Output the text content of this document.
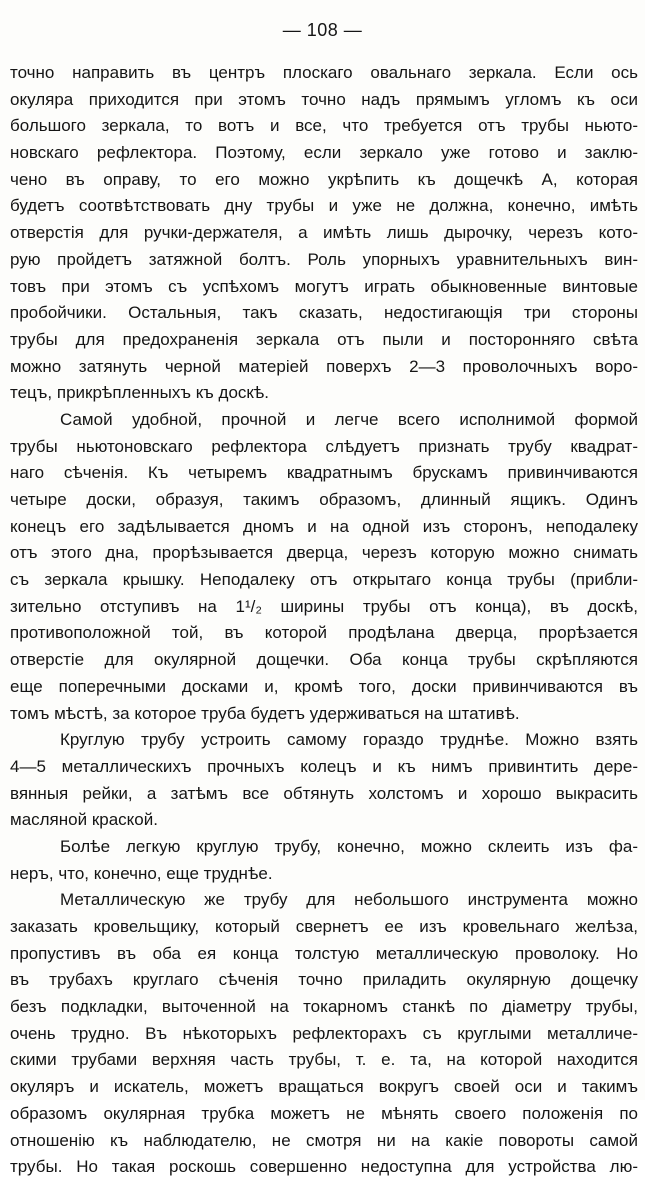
— 108 —
точно направить въ центръ плоскаго овальнаго зеркала. Если ось
окуляра приходится при этомъ точно надъ прямымъ угломъ къ оси
большого зеркала, то вотъ и все, что требуется отъ трубы ньюто-
новскаго рефлектора. Поэтому, если зеркало уже готово и заклю-
чено въ оправу, то его можно укрѣпить къ дощечкѣ A, которая
будетъ соотвѣтствовать дну трубы и уже не должна, конечно, имѣть
отверстія для ручки-держателя, а имѣть лишь дырочку, черезъ кото-
рую пройдетъ затяжной болтъ. Роль упорныхъ уравнительныхъ вин-
товъ при этомъ съ успѣхомъ могутъ играть обыкновенные винтовые
пробойчики. Остальныя, такъ сказать, недостигающія три стороны
трубы для предохраненія зеркала отъ пыли и посторонняго свѣта
можно затянуть черной матеріей поверхъ 2—3 проволочныхъ воро-
тецъ, прикрѣпленныхъ къ доскѣ.
Самой удобной, прочной и легче всего исполнимой формой
трубы ньютоновскаго рефлектора слѣдуетъ признать трубу квадрат-
наго сѣченія. Къ четыремъ квадратнымъ брускамъ привинчиваются
четыре доски, образуя, такимъ образомъ, длинный ящикъ. Одинъ
конецъ его задѣлывается дномъ и на одной изъ сторонъ, неподалеку
отъ этого дна, прорѣзывается дверца, черезъ которую можно снимать
съ зеркала крышку. Неподалеку отъ открытаго конца трубы (прибли-
зительно отступивъ на 1¹/₂ ширины трубы отъ конца), въ доскѣ,
противоположной той, въ которой продѣлана дверца, прорѣзается
отверстіе для окулярной дощечки. Оба конца трубы скрѣпляются
еще поперечными досками и, кромѣ того, доски привинчиваются въ
томъ мѣстѣ, за которое труба будетъ удерживаться на штативѣ.
Круглую трубу устроить самому гораздо труднѣе. Можно взять
4—5 металлическихъ прочныхъ колецъ и къ нимъ привинтить дере-
вянныя рейки, а затѣмъ все обтянуть холстомъ и хорошо выкрасить
масляной краской.
Болѣе легкую круглую трубу, конечно, можно склеить изъ фа-
неръ, что, конечно, еще труднѣе.
Металлическую же трубу для небольшого инструмента можно
заказать кровельщику, который свернетъ ее изъ кровельнаго желѣза,
пропустивъ въ оба ея конца толстую металлическую проволоку. Но
въ трубахъ круглаго сѣченія точно приладить окулярную дощечку
безъ подкладки, выточенной на токарномъ станкѣ по діаметру трубы,
очень трудно. Въ нѣкоторыхъ рефлекторахъ съ круглыми металличе-
скими трубами верхняя часть трубы, т. е. та, на которой находится
окуляръ и искатель, можетъ вращаться вокругъ своей оси и такимъ
образомъ окулярная трубка можетъ не мѣнять своего положенія по
отношенію къ наблюдателю, не смотря ни на какіе повороты самой
трубы. Но такая роскошь совершенно недоступна для устройства лю-
